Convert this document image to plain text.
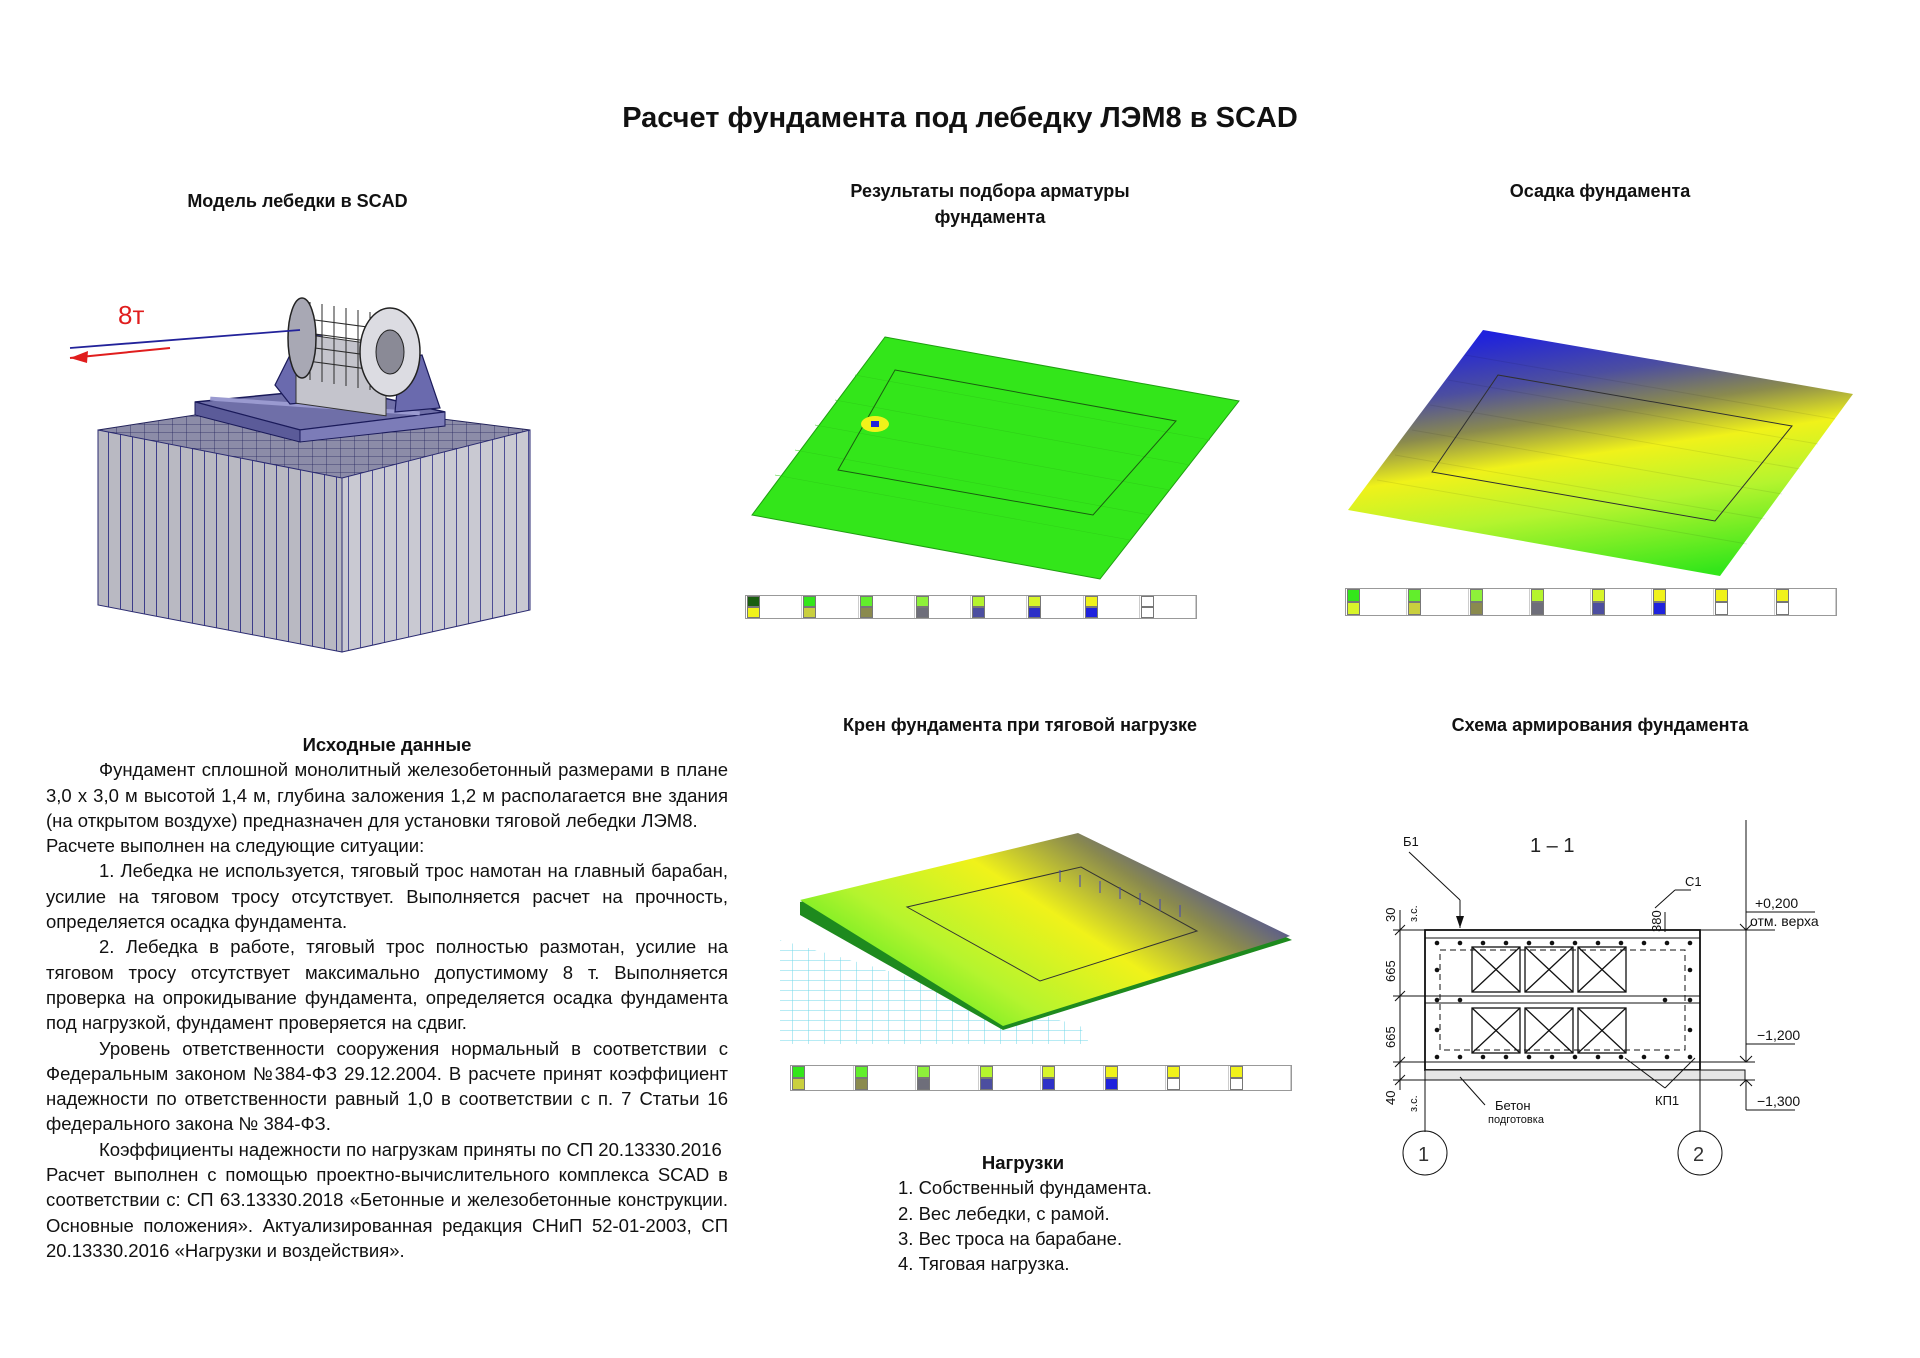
Расчет фундамента под лебедку ЛЭМ8 в SCAD
Модель лебедки в SCAD	Результаты подбора арматуры
фундамента
Осадка фундамента
Крен фундамента при тяговой нагрузке	Схема армирования фундамента
8т
1 – 1
30
665
665
40
з.с.
з.с.
Б1
С1
380
+0,200
отм. верха
−1,200
−1,300
КП1
Бетон
подготовка
1	2

Исходные данные

Фундамент сплошной монолитный железобетонный размерами в плане 3,0 х 3,0 м высотой 1,4 м, глубина заложения 1,2 м располагается вне здания (на открытом воздухе) предназначен для установки тяговой лебедки ЛЭМ8.

Расчете выполнен на следующие ситуации:

1. Лебедка не используется, тяговый трос намотан на главный барабан, усилие на тяговом тросу отсутствует. Выполняется расчет на прочность, определяется осадка фундамента.

2. Лебедка в работе, тяговый трос полностью размотан, усилие на тяговом тросу отсутствует максимально допустимому 8 т. Выполняется проверка на опрокидывание фундамента, определяется осадка фундамента под нагрузкой, фундамент проверяется на сдвиг.

Уровень ответственности сооружения нормальный в соответствии с Федеральным законом №384-ФЗ 29.12.2004. В расчете принят коэффициент надежности по ответственности равный 1,0 в соответствии с п. 7 Статьи 16 федерального закона № 384-ФЗ.

Коэффициенты надежности по нагрузкам приняты по СП 20.13330.2016

Расчет выполнен с помощью проектно-вычислительного комплекса SCAD в соответствии с: СП 63.13330.2018 «Бетонные и железобетонные конструкции. Основные положения». Актуализированная редакция СНиП 52-01-2003, СП 20.13330.2016 «Нагрузки и воздействия».

Нагрузки
1. Собственный фундамента.
2. Вес лебедки, с рамой.
3. Вес троса на барабане.
4. Тяговая нагрузка.
